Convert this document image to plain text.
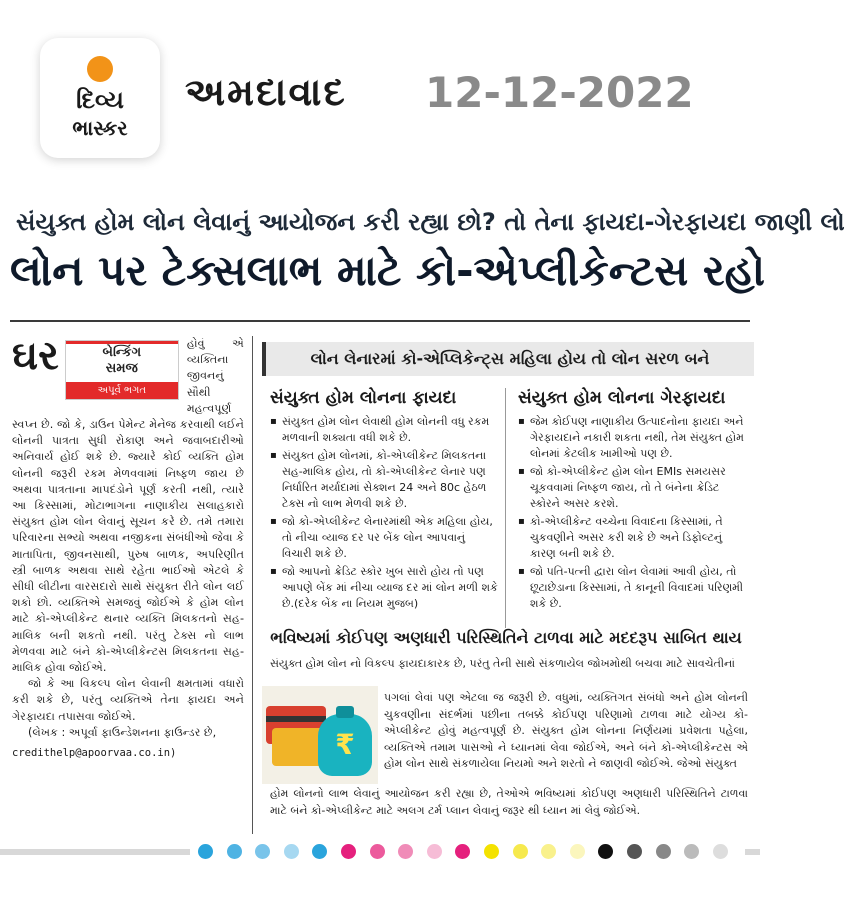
દિવ્ય
ભાસ્કર
અમદાવાદ 12-12-2022
સંયુક્ત હોમ લોન લેવાનું આયોજન કરી રહ્યા છો? તો તેના ફાયદા-ગેરફાયદા જાણી લો
લોન પર ટેક્સલાભ માટે કો-એપ્લીકેન્ટસ રહો
ઘર	બેન્કિંગ
સમજ
અપૂર્વ ભગત
હોવું એ વ્યક્તિના જીવનનું સૌથી મહત્વપૂર્ણ સ્વપ્ન છે. જો કે, ડાઉન પેમેન્ટ મેનેજ કરવાથી લઈને લોનની પાત્રતા સુધી રોકાણ અને જવાબદારીઓ અનિવાર્ય હોઈ શકે છે. જ્યારે કોઈ વ્યક્તિ હોમ લોનની જરૂરી રકમ મેળવવામાં નિષ્ફળ જાય છે અથવા પાત્રતાના માપદંડોને પૂર્ણ કરતી નથી, ત્યારે આ કિસ્સામાં, મોટાભાગના નાણાકીય સલાહકારો સંયુક્ત હોમ લોન લેવાનું સૂચન કરે છે. તમે તમારા પરિવારના સભ્યો અથવા નજીકના સંબંધીઓ જેવા કે માતાપિતા, જીવનસાથી, પુરુષ બાળક, અપરિણીત સ્ત્રી બાળક અથવા સાથે રહેતા ભાઈઓ એટલે કે સીધી લીટીના વારસદારો સાથે સંયુક્ત રીતે લોન લઈ શકો છો. વ્યક્તિએ સમજવું જોઈએ કે હોમ લોન માટે કો-એપ્લીકેન્ટ થનાર વ્યક્તિ મિલકતનો સહ-માલિક બની શકતો નથી. પરંતુ ટેક્સ નો લાભ મેળવવા માટે બંને કો-એપ્લીકેન્ટસ મિલકતના સહ-માલિક હોવા જોઈએ.
જો કે આ વિકલ્પ લોન લેવાની ક્ષમતામાં વધારો કરી શકે છે, પરંતુ વ્યક્તિએ તેના ફાયદા અને ગેરફાયદા તપાસવા જોઈએ.
(લેખક : અપૂર્વા ફાઉન્ડેશનના ફાઉન્ડર છે,
credithelp@apoorvaa.co.in)
લોન લેનારમાં કો-એપ્લિકેન્ટ્સ મહિલા હોય તો લોન સરળ બને
સંયુક્ત હોમ લોનના ફાયદા
▪ સંયુક્ત હોમ લોન લેવાથી હોમ લોનની વધુ રકમ મળવાની શક્યતા વધી શકે છે.
▪ સંયુક્ત હોમ લોનમાં, કો-એપ્લીકેન્ટ મિલકતના સહ-માલિક હોય, તો કો-એપ્લીકેન્ટ લેનાર પણ નિર્ધારિત મર્યાદામાં સેક્શન 24 અને 80c હેઠળ ટેક્સ નો લાભ મેળવી શકે છે.
▪ જો કો-એપ્લીકેન્ટ લેનારમાંથી એક મહિલા હોય, તો નીચા વ્યાજ દર પર બેંક લોન આપવાનું વિચારી શકે છે.
▪ જો આપનો ક્રેડિટ સ્કોર ખુબ સારો હોય તો પણ આપણે બેંક માં નીચા વ્યાજ દર માં લોન મળી શકે છે.(દરેક બેંક ના નિયમ મુજબ)
સંયુક્ત હોમ લોનના ગેરફાયદા
▪ જેમ કોઈપણ નાણાકીય ઉત્પાદનોના ફાયદા અને ગેરફાયદાને નકારી શકતા નથી, તેમ સંયુક્ત હોમ લોનમાં કેટલીક ખામીઓ પણ છે.
▪ જો કો-એપ્લીકેન્ટ હોમ લોન EMIs સમયસર ચૂકવવામાં નિષ્ફળ જાય, તો તે બંનેના ક્રેડિટ સ્કોરને અસર કરશે.
▪ કો-એપ્લીકેન્ટ વચ્ચેના વિવાદના કિસ્સામાં, તે ચુકવણીને અસર કરી શકે છે અને ડિફોલ્ટનું કારણ બની શકે છે.
▪ જો પતિ-પત્ની દ્વારા લોન લેવામાં આવી હોય, તો છૂટાછેડાના કિસ્સામાં, તે કાનૂની વિવાદમાં પરિણમી શકે છે.
ભવિષ્યમાં કોઈપણ અણધારી પરિસ્થિતિને ટાળવા માટે મદદરૂપ સાબિત થાય
સંયુક્ત હોમ લોન નો વિકલ્પ ફાયદાકારક છે, પરંતુ તેની સાથે સંકળાયેલ જોખમોથી બચવા માટે સાવચેતીનાં
₹
પગલાં લેવાં પણ એટલા જ જરૂરી છે. વધુમાં, વ્યક્તિગત સંબંધો અને હોમ લોનની ચુકવણીના સંદર્ભમાં પછીના તબક્કે કોઈપણ પરિણામો ટાળવા માટે યોગ્ય કો-એપ્લીકેન્ટ હોવું મહત્વપૂર્ણ છે. સંયુક્ત હોમ લોનના નિર્ણયમાં પ્રવેશતા પહેલા, વ્યક્તિએ તમામ પાસઓ ને ધ્યાનમાં લેવા જોઈએ, અને બંને કો-એપ્લીકેન્ટસ એ હોમ લોન સાથે સંકળાયેલા નિયમો અને શરતો ને જાણવી જોઈએ. જેઓ સંયુક્ત
હોમ લોનનો લાભ લેવાનું આયોજન કરી રહ્યા છે, તેઓએ ભવિષ્યમાં કોઈપણ અણધારી પરિસ્થિતિને ટાળવા માટે બંને કો-એપ્લીકેન્ટ માટે અલગ ટર્મ પ્લાન લેવાનું જરૂર થી ધ્યાન માં લેવું જોઈએ.
